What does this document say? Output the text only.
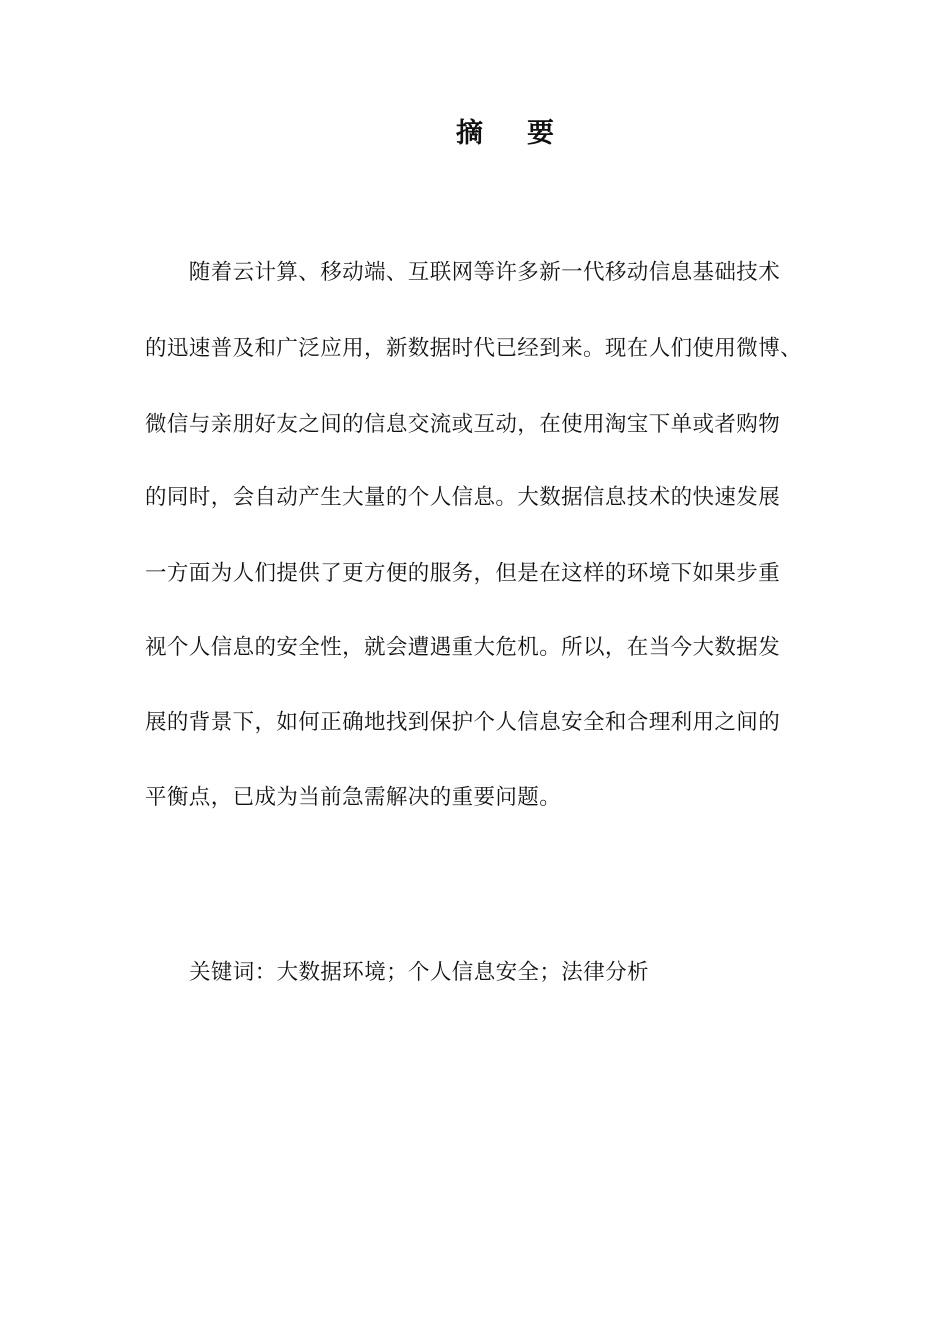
摘 要
　　随着云计算、移动端、互联网等许多新一代移动信息基础技术
的迅速普及和广泛应用，新数据时代已经到来。现在人们使用微博、
微信与亲朋好友之间的信息交流或互动，在使用淘宝下单或者购物
的同时，会自动产生大量的个人信息。大数据信息技术的快速发展
一方面为人们提供了更方便的服务，但是在这样的环境下如果步重
视个人信息的安全性，就会遭遇重大危机。所以，在当今大数据发
展的背景下，如何正确地找到保护个人信息安全和合理利用之间的
平衡点，已成为当前急需解决的重要问题。
关键词：大数据环境；个人信息安全；法律分析
